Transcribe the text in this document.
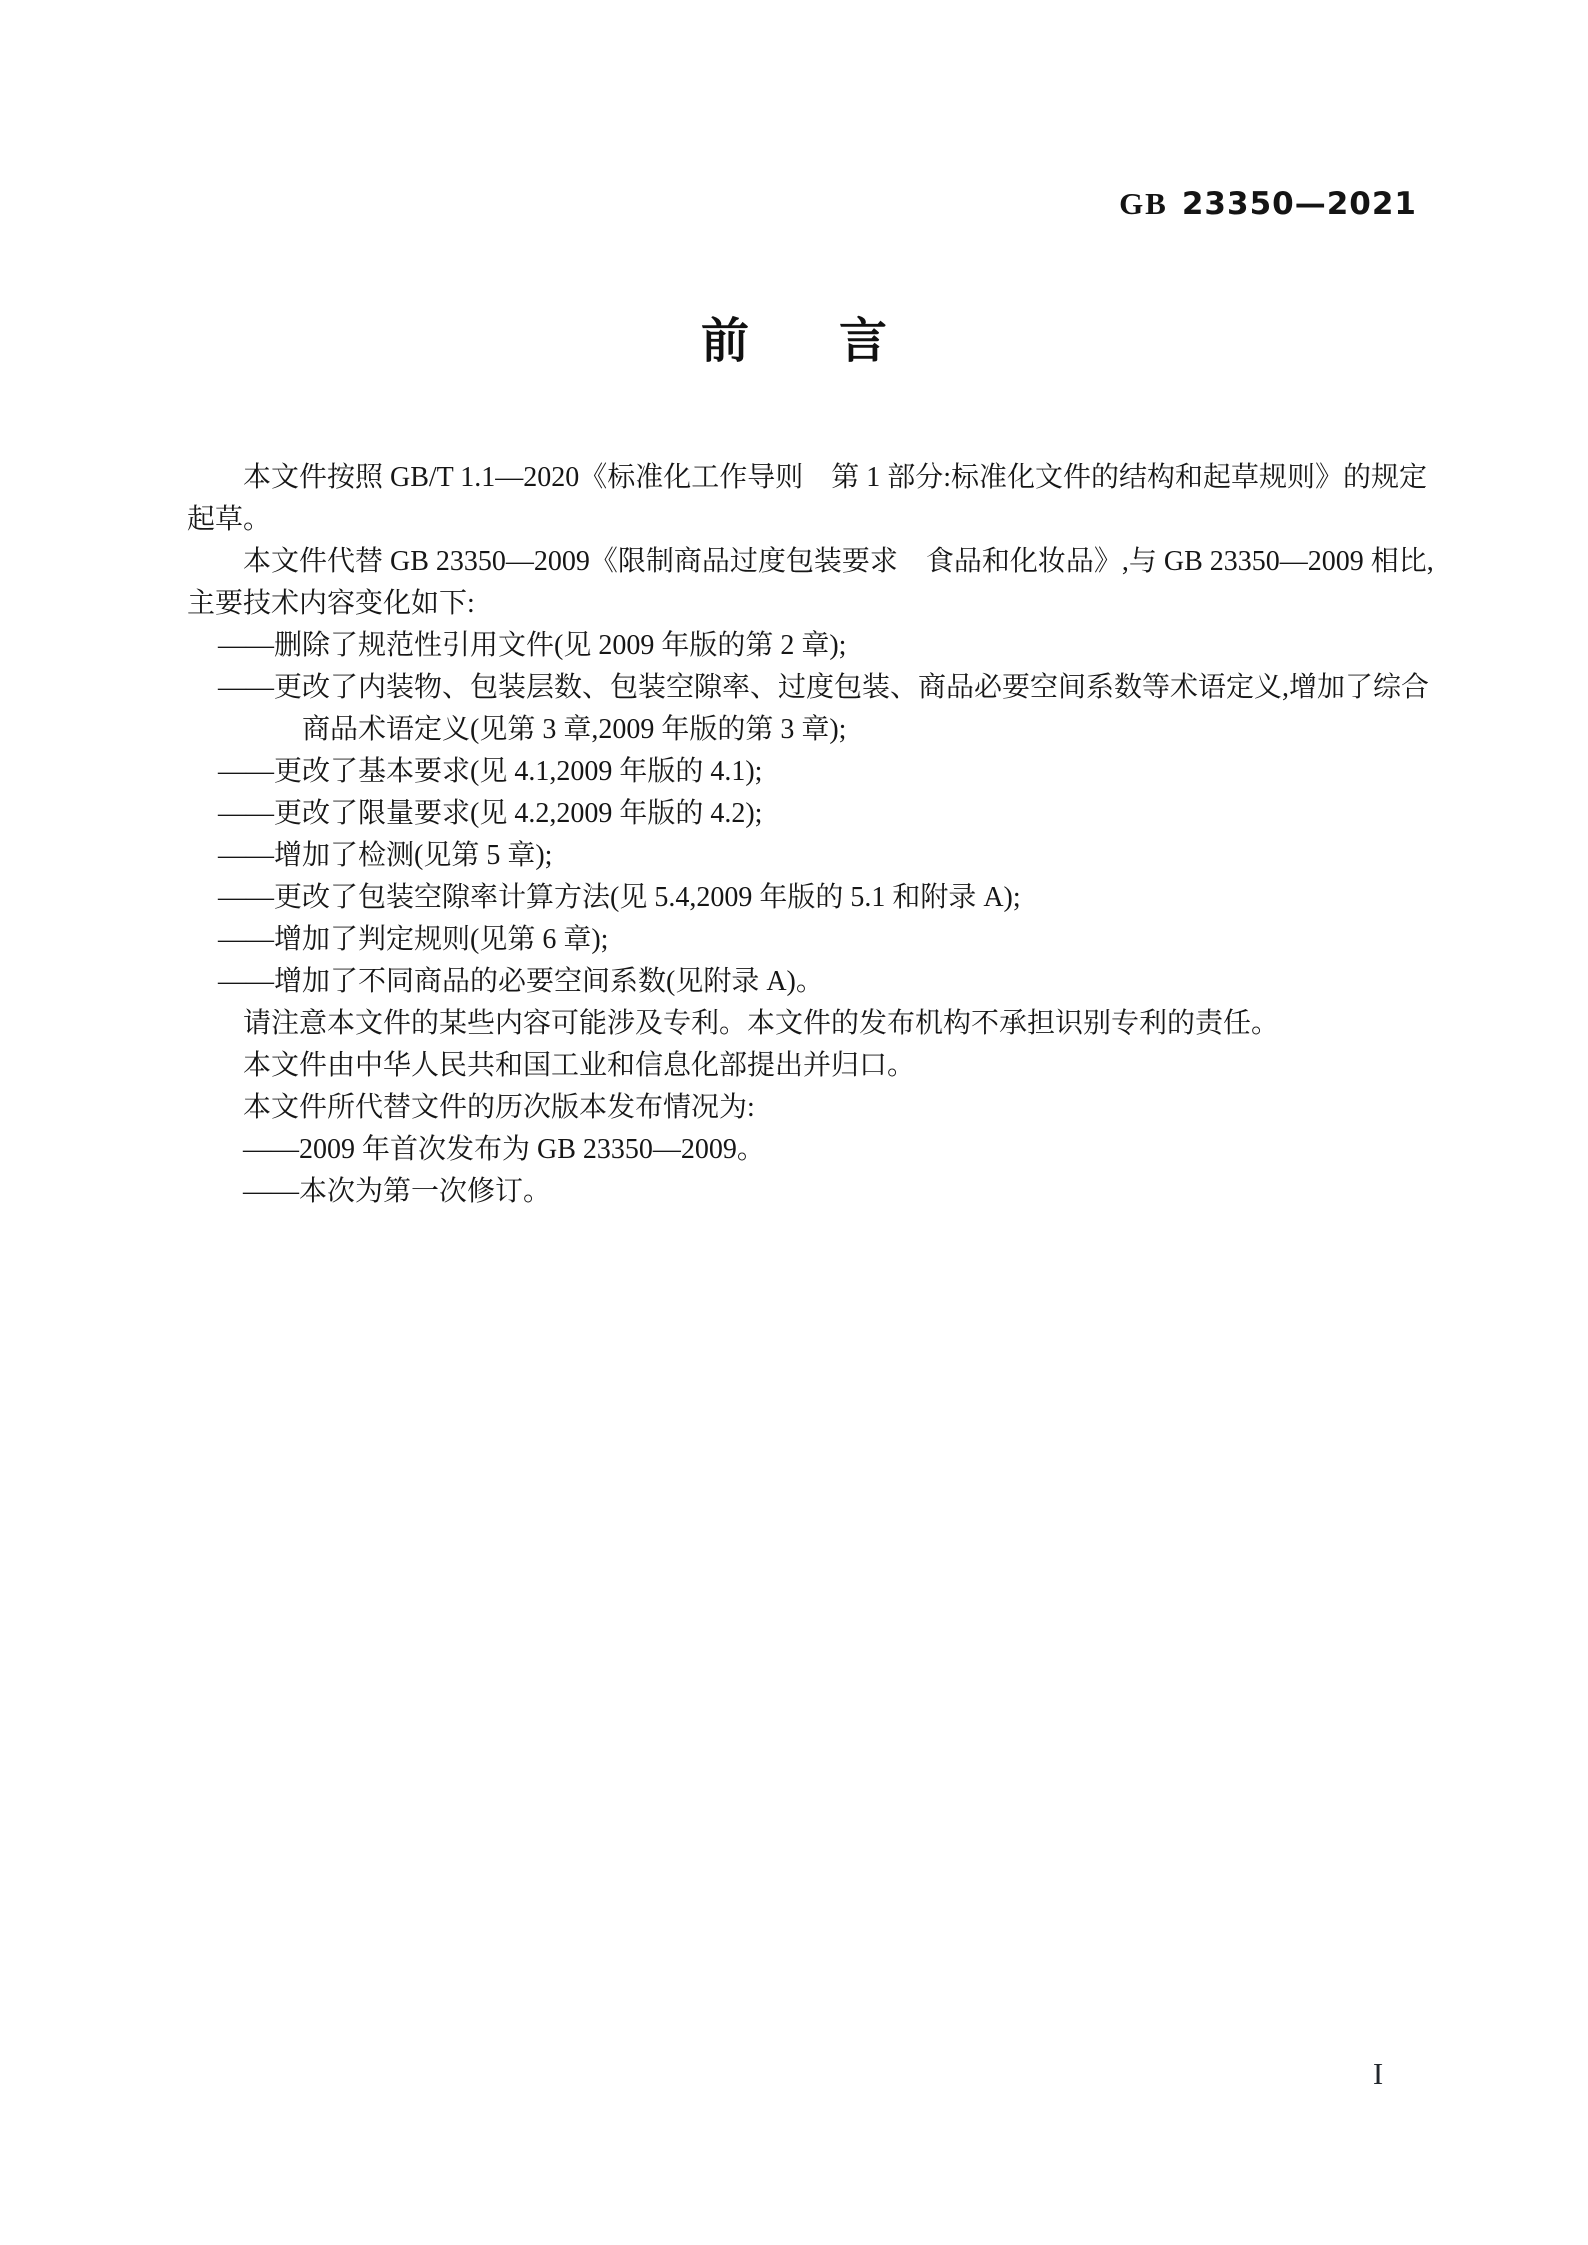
GB 23350—2021
前 言
本文件按照 GB/T 1.1—2020《标准化工作导则　第 1 部分:标准化文件的结构和起草规则》的规定
起草。
本文件代替 GB 23350—2009《限制商品过度包装要求　食品和化妆品》,与 GB 23350—2009 相比,
主要技术内容变化如下:
——删除了规范性引用文件(见 2009 年版的第 2 章);
——更改了内装物、包装层数、包装空隙率、过度包装、商品必要空间系数等术语定义,增加了综合
商品术语定义(见第 3 章,2009 年版的第 3 章);
——更改了基本要求(见 4.1,2009 年版的 4.1);
——更改了限量要求(见 4.2,2009 年版的 4.2);
——增加了检测(见第 5 章);
——更改了包装空隙率计算方法(见 5.4,2009 年版的 5.1 和附录 A);
——增加了判定规则(见第 6 章);
——增加了不同商品的必要空间系数(见附录 A)。
请注意本文件的某些内容可能涉及专利。本文件的发布机构不承担识别专利的责任。
本文件由中华人民共和国工业和信息化部提出并归口。
本文件所代替文件的历次版本发布情况为:
——2009 年首次发布为 GB 23350—2009。
——本次为第一次修订。
I
